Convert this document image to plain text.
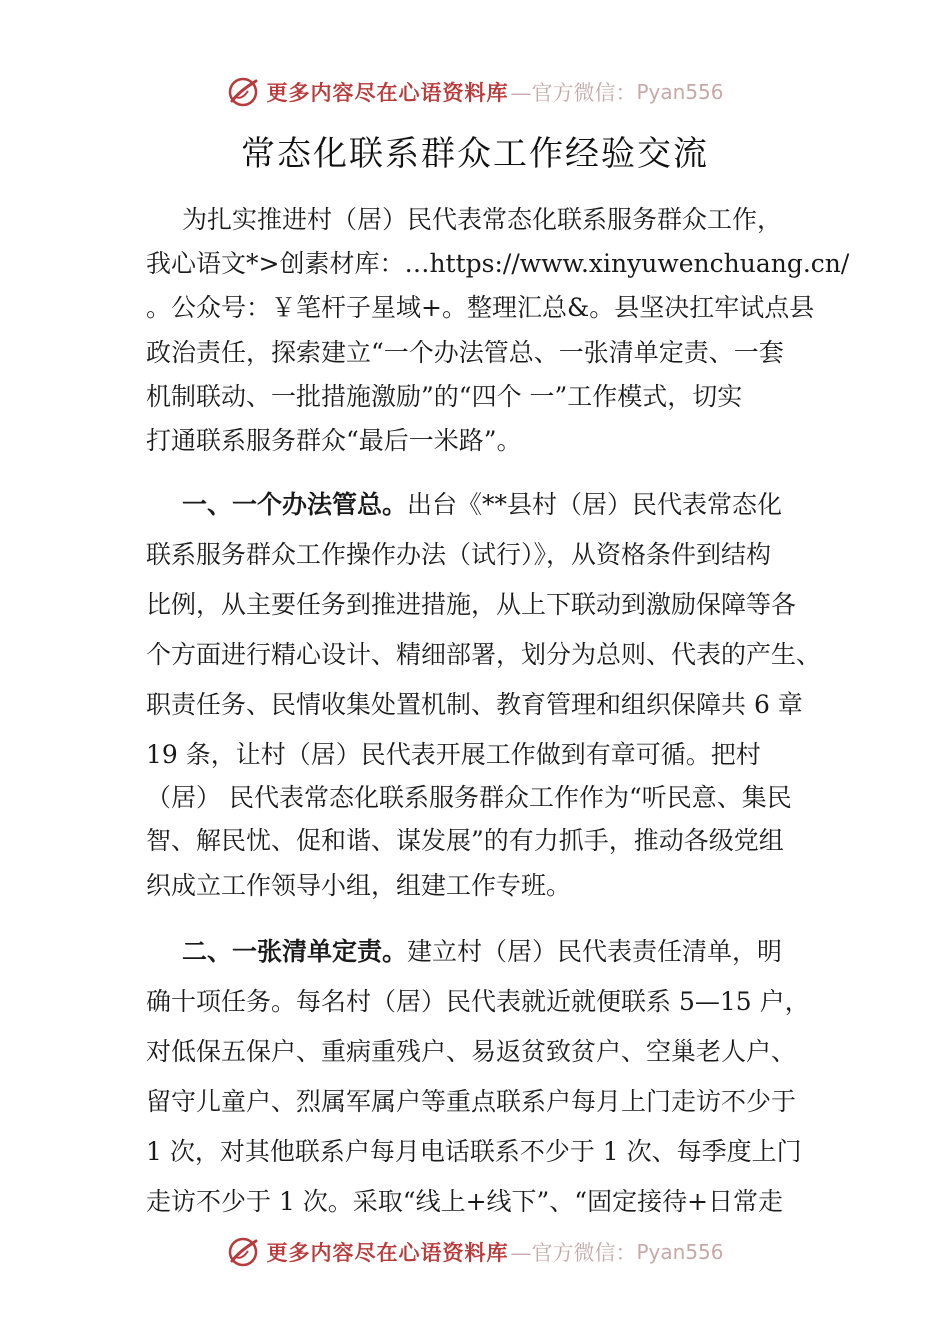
更多内容尽在心语资料库 —官方微信： Pyan556
常态化联系群众工作经验交流
为扎实推进村（居）民代表常态化联系服务群众工作，
我心语文*>创素材库：…https://www.xinyuwenchuang.cn/
。公众号：￥笔杆子星域+。整理汇总&。县坚决扛牢试点县
政治责任，探索建立“一个办法管总、一张清单定责、一套
机制联动、一批措施激励”的“四个 一”工作模式，切实
打通联系服务群众“最后一米路”。
一、一个办法管总。出台《**县村（居）民代表常态化
联系服务群众工作操作办法（试行）》，从资格条件到结构
比例，从主要任务到推进措施，从上下联动到激励保障等各
个方面进行精心设计、精细部署，划分为总则、代表的产生、
职责任务、民情收集处置机制、教育管理和组织保障共 6 章
19 条，让村（居）民代表开展工作做到有章可循。把村
（居） 民代表常态化联系服务群众工作作为“听民意、集民
智、解民忧、促和谐、谋发展”的有力抓手，推动各级党组
织成立工作领导小组，组建工作专班。
二、一张清单定责。建立村（居）民代表责任清单，明
确十项任务。每名村（居）民代表就近就便联系 5—15 户，
对低保五保户、重病重残户、易返贫致贫户、空巢老人户、
留守儿童户、烈属军属户等重点联系户每月上门走访不少于
1 次，对其他联系户每月电话联系不少于 1 次、每季度上门
走访不少于 1 次。采取“线上+线下”、“固定接待+日常走
更多内容尽在心语资料库 —官方微信： Pyan556
